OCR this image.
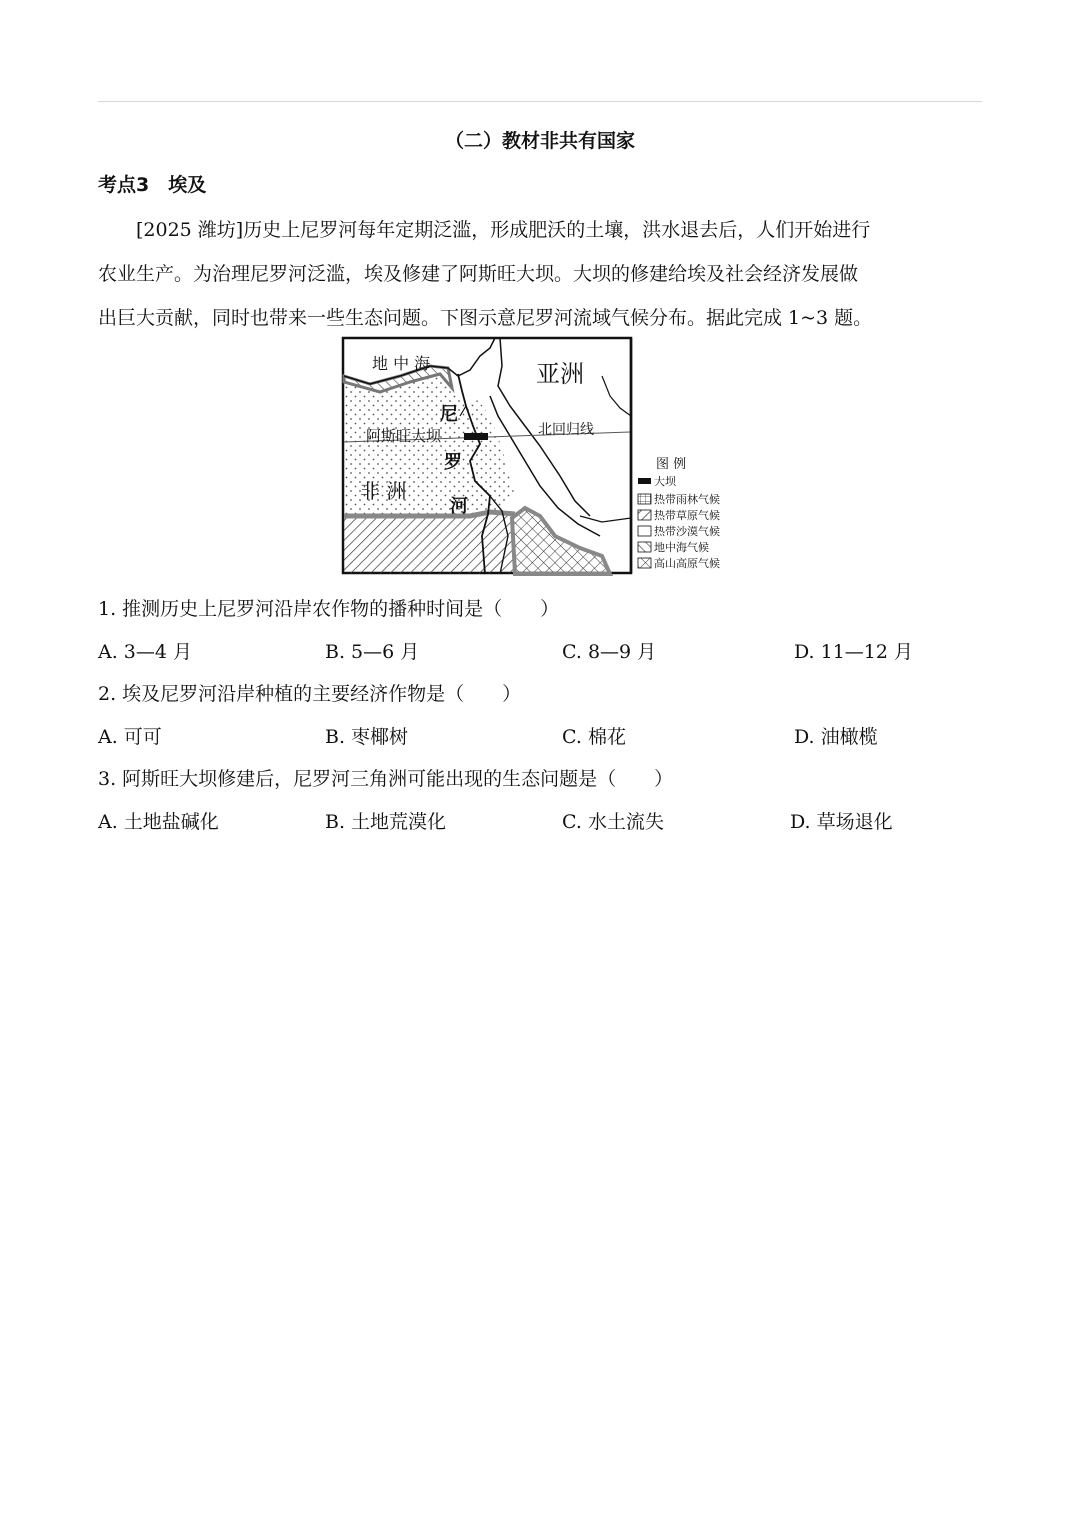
（二）教材非共有国家
考点3　埃及
[2025 潍坊]历史上尼罗河每年定期泛滥，形成肥沃的土壤，洪水退去后，人们开始进行
农业生产。为治理尼罗河泛滥，埃及修建了阿斯旺大坝。大坝的修建给埃及社会经济发展做
出巨大贡献，同时也带来一些生态问题。下图示意尼罗河流域气候分布。据此完成 1~3 题。
地 中 海	亚洲
非 洲
尼
罗
河
阿斯旺大坝	北回归线
图 例
大坝
热带雨林气候
热带草原气候
热带沙漠气候
地中海气候
高山高原气候
1. 推测历史上尼罗河沿岸农作物的播种时间是（　　）
A. 3—4 月	B. 5—6 月	C. 8—9 月	D. 11—12 月
2. 埃及尼罗河沿岸种植的主要经济作物是（　　）
A. 可可	B. 枣椰树	C. 棉花	D. 油橄榄
3. 阿斯旺大坝修建后，尼罗河三角洲可能出现的生态问题是（　　）
A. 土地盐碱化	B. 土地荒漠化	C. 水土流失	D. 草场退化
